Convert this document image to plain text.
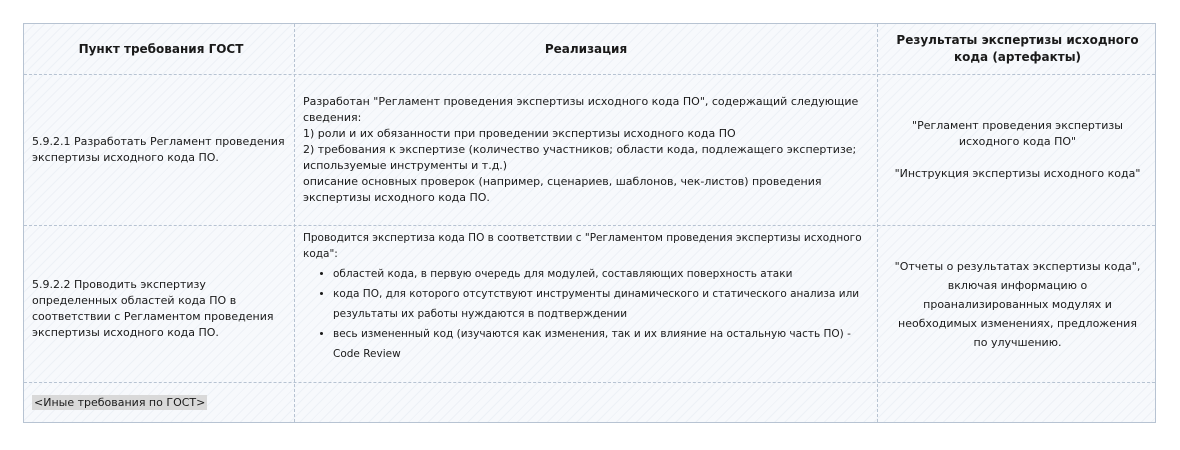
Пункт требования ГОСТ	Реализация
Результаты экспертизы исходного кода (артефакты)

5.9.2.1 Разработать Регламент проведения экспертизы исходного кода ПО.

Разработан "Регламент проведения экспертизы исходного кода ПО", содержащий следующие сведения:

1) роли и их обязанности при проведении экспертизы исходного кода ПО

2) требования к экспертизе (количество участников; области кода, подлежащего экспертизе; используемые инструменты и т.д.)

описание основных проверок (например, сценариев, шаблонов, чек-листов) проведения экспертизы исходного кода ПО.

"Регламент проведения экспертизы исходного кода ПО"

"Инструкция экспертизы исходного кода"

5.9.2.2 Проводить экспертизу определенных областей кода ПО в соответствии с Регламентом проведения экспертизы исходного кода ПО.

Проводится экспертиза кода ПО в соответствии с "Регламентом проведения экспертизы исходного кода":

• областей кода, в первую очередь для модулей, составляющих поверхность атаки
• кода ПО, для которого отсутствуют инструменты динамического и статического анализа или результаты их работы нуждаются в подтверждении
• весь измененный код (изучаются как изменения, так и их влияние на остальную часть ПО) - Code Review

"Отчеты о результатах экспертизы кода", включая информацию о проанализированных модулях и необходимых изменениях, предложения по улучшению.

<Иные требования по ГОСТ>
